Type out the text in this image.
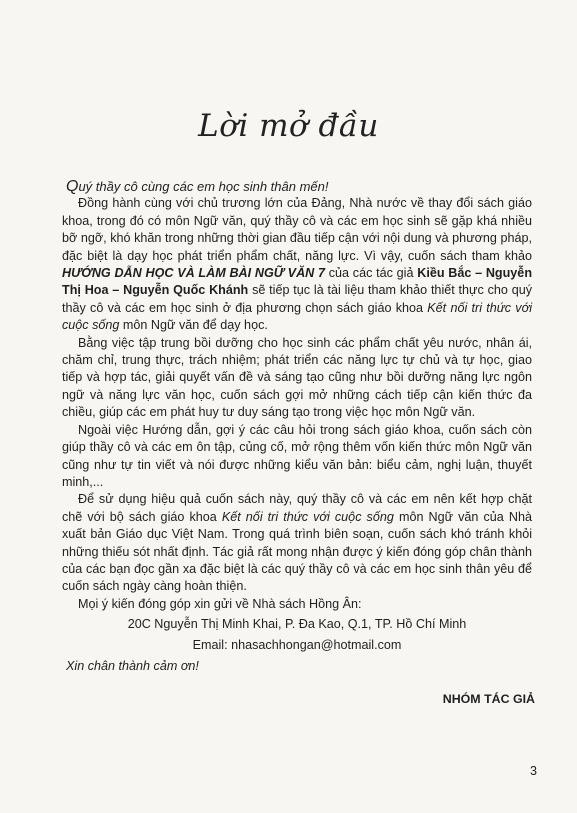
Lời mở đầu

Quý thầy cô cùng các em học sinh thân mến!

Đồng hành cùng với chủ trương lớn của Đảng, Nhà nước về thay đổi sách giáo khoa, trong đó có môn Ngữ văn, quý thầy cô và các em học sinh sẽ gặp khá nhiều bỡ ngỡ, khó khăn trong những thời gian đầu tiếp cận với nội dung và phương pháp, đặc biệt là dạy học phát triển phẩm chất, năng lực. Vì vậy, cuốn sách tham khảo HƯỚNG DẪN HỌC VÀ LÀM BÀI NGỮ VĂN 7 của các tác giả Kiều Bắc – Nguyễn Thị Hoa – Nguyễn Quốc Khánh sẽ tiếp tục là tài liệu tham khảo thiết thực cho quý thầy cô và các em học sinh ở địa phương chọn sách giáo khoa Kết nối tri thức với cuộc sống môn Ngữ văn để dạy học.

Bằng việc tập trung bồi dưỡng cho học sinh các phẩm chất yêu nước, nhân ái, chăm chỉ, trung thực, trách nhiệm; phát triển các năng lực tự chủ và tự học, giao tiếp và hợp tác, giải quyết vấn đề và sáng tạo cũng như bồi dưỡng năng lực ngôn ngữ và năng lực văn học, cuốn sách gợi mở những cách tiếp cận kiến thức đa chiều, giúp các em phát huy tư duy sáng tạo trong việc học môn Ngữ văn.

Ngoài việc Hướng dẫn, gợi ý các câu hỏi trong sách giáo khoa, cuốn sách còn giúp thầy cô và các em ôn tập, củng cố, mở rộng thêm vốn kiến thức môn Ngữ văn cũng như tự tin viết và nói được những kiểu văn bản: biểu cảm, nghị luận, thuyết minh,...

Để sử dụng hiệu quả cuốn sách này, quý thầy cô và các em nên kết hợp chặt chẽ với bộ sách giáo khoa Kết nối tri thức với cuộc sống môn Ngữ văn của Nhà xuất bản Giáo dục Việt Nam. Trong quá trình biên soạn, cuốn sách khó tránh khỏi những thiếu sót nhất định. Tác giả rất mong nhận được ý kiến đóng góp chân thành của các bạn đọc gần xa đặc biệt là các quý thầy cô và các em học sinh thân yêu để cuốn sách ngày càng hoàn thiện.

Mọi ý kiến đóng góp xin gửi về Nhà sách Hồng Ân:

20C Nguyễn Thị Minh Khai, P. Đa Kao, Q.1, TP. Hồ Chí Minh

Email: nhasachhongan@hotmail.com

Xin chân thành cảm ơn!

NHÓM TÁC GIẢ
3
